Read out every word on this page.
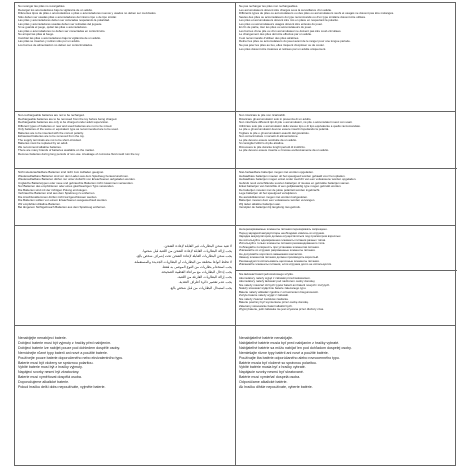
No recargar las pilas no recargables.
Recargar los acumuladores bajo la vigilancia de un adulto.
Diferentes tipos de pilas o acumuladores o pilas o acumuladores nuevos y usados no deben ser mezclados.
Sólo deben ser usadas pilas o acumuladores del mismo tipo o de tipo similar.
Las pilas y acumuladores deben ser colocadas respetando la polaridad.
Las pilas y acumuladores usadas deben ser retiradas del juguete.
Si se guarda el juego, quitar las pilas o acumuladores.
Las pilas o acumuladores no deben ser conectadas en cortocircuito.
No arrojar las pilas al fuego.
Cambiar las pilas o acumuladores bajo la vigilancia de un adulto.
Las pilas se insertan y retiran sólo por un adulto.
Los bornes de alimentación no deben ser cortocircuitados.
Ne pas recharger les piles non rechargeables.
Les accumulateurs doivent être chargés sous la surveillance d'un adulte.
Différents types de piles ou accumulateurs ou des piles ou accumulateurs neufs et usagés ne doivent pas être mélangés.
Seules des piles ou accumulateurs du type recommandé ou d'un type similaire doivent être utilisés.
Les piles et accumulateurs doivent être mis en place en respectant la polarité.
Les piles ou accumulateurs usagés doivent être enlevés du jouet.
En fin de partie, ôter les piles ou accumulateurs du jouet.
Les bornes d'une pile ou d'un accumulateur ne doivent pas être court-circuitées.
Le changement des piles doit être effectué par un adulte.
Il est recommandé d'utiliser des piles alcalines.
Retirer les piles ou accumulateurs du jouet avant de le ranger pour une longue période.
Ne pas jeter les piles au feu, elles risquent d'exploser ou de couler.
Les piles doivent être insérées et retirées par un adulte uniquement.
Non-rechargeable batteries are not to be recharged.
Rechargeable batteries are to be removed from the toy before being charged.
Rechargeable batteries are only to be charged under adult supervision.
Different types of batteries or new and used batteries are not to be mixed.
Only batteries of the same or equivalent type as recommended are to be used.
Batteries are to be inserted with the correct polarity.
Exhausted batteries are to be removed from the toy.
The supply terminals are not to be short-circuited.
Batteries must be replaced by an adult.
We recommend alkaline batteries.
There are many brands of batteries available on the market.
Remove batteries during long periods of non-use. A leakage of corrosive fluid could ruin the toy.
Nicht wiederaufladbare Batterien sind nicht zum Aufladen geeignet.
Wiederaufladbare Batterien sind vor dem Laden aus dem Spielzeug herauszunehmen.
Wiederaufladbare Batterien dürfen nur unter Aufsicht von Erwachsenen aufgeladen werden.
Ungleiche Batterietypen oder neue und gebrauchte Batterien nicht zusammen verwenden.
Nur Batterien des empfohlenen oder eines gleichwertigen Typs verwenden.
Die Batterien sind mit der richtigen Polung einzulegen.
Verbrauchte Batterien sind aus dem Spielzeug zu entfernen.
Die Anschlussklemmen dürfen nicht kurzgeschlossen werden.
Die Batterien sollten von einem Erwachsenen ausgewechselt werden.
Wir empfehlen Alkaline-Batterien.
Bei längerem Nichtgebrauch Batterien aus dem Spielzeug entfernen.
Non ricaricare le pile non ricaricabili.
Ricaricare gli accumulatori solo in presenza di un adulto.
Non mischiare differenti tipi di pile o accumulatori, né pile o accumulatori nuovi con usati.
Utilizzare solo pile o accumulatori dello stesso tipo o di tipo equivalente a quello raccomandato.
Le pile e gli accumulatori devono essere inseriti rispettando la polarità.
Togliere le pile o gli accumulatori esauriti dal giocattolo.
Non cortocircuitare i morsetti di alimentazione.
Le pile devono essere sostituite da un adulto.
Si consiglia l'utilizzo di pile alcaline.
Rimuovere le pile durante lunghi periodi di inutilizzo.
Le pile devono essere inserite e rimosse esclusivamente da un adulto.
Niet-herlaadbare batterijen mogen niet worden opgeladen.
Herlaadbare batterijen moeten uit het speelgoed worden gehaald voor het opladen.
Herlaadbare batterijen mogen enkel onder toezicht van een volwassene worden opgeladen.
Gebruik nooit verschillende soorten batterijen of nieuwe en gebruikte batterijen samen.
Enkel batterijen van hetzelfde of een gelijkwaardig type mogen gebruikt worden.
De batterijen moeten met de juiste polariteit worden ingebracht.
Lege batterijen uit het speelgoed verwijderen.
De aansluitklemmen mogen niet worden kortgesloten.
Batterijen moeten door een volwassene worden vervangen.
Wij raden alkaline batterijen aan.
Verwijder de batterijen bij langdurig niet-gebruik.
Неперезаряжаемые элементы питания перезаряжать запрещено.
Перед зарядкой аккумуляторы необходимо извлечь из игрушки.
Зарядка аккумуляторов должна осуществляться под присмотром взрослых.
Не используйте одновременно элементы питания разных типов.
Используйте только элементы питания рекомендованного типа.
Соблюдайте полярность при установке элементов питания.
Извлекайте из игрушки разряженные элементы питания.
Не допускайте короткого замыкания контактов.
Замену элементов питания должен производить взрослый.
Рекомендуется использовать щелочные элементы питания.
Извлекайте элементы питания, если игрушка долго не используется.
لا تعيد شحن البطاريات غير القابلة لإعادة الشحن.
يجب إزالة البطاريات القابلة لإعادة الشحن من اللعبة قبل شحنها.
يجب شحن البطاريات القابلة لإعادة الشحن تحت إشراف شخص بالغ.
لا تخلط أنواعا مختلفة من البطاريات أو البطاريات الجديدة والمستعملة.
يجب استخدام بطاريات من النوع الموصى به فقط.
يجب إدخال البطاريات مع مراعاة القطبية الصحيحة.
يجب إزالة البطاريات الفارغة من اللعبة.
يجب عدم تقصير دائرة أطراف التغذية.
يجب استبدال البطاريات من قبل شخص بالغ.
Nie ładować baterii jednorazowego użytku.
Akumulatory należy wyjąć z zabawki przed ładowaniem.
Akumulatory należy ładować pod nadzorem osoby dorosłej.
Nie należy mieszać różnych typów baterii ani baterii nowych i zużytych.
Należy stosować wyłącznie baterie zalecanego typu.
Baterie należy wkładać zgodnie z oznaczeniem biegunowości.
Zużyte baterie należy wyjąć z zabawki.
Nie należy zwierać zacisków zasilania.
Baterie powinny być wymieniane przez osobę dorosłą.
Zalecamy stosowanie baterii alkalicznych.
Wyjmij baterie, jeśli zabawka nie jest używana przez dłuższy czas.
Nenabíjejte nenabíjecí baterie.
Dobíjecí baterie musí být vyjmuty z hračky před nabíjením.
Dobíjecí baterie lze nabíjet pouze pod dohledem dospělé osoby.
Nemíchejte různé typy baterií ani nové a použité baterie.
Používejte pouze baterie doporučeného nebo ekvivalentního typu.
Baterie musí být vloženy se správnou polaritou.
Vybité baterie musí být z hračky vyjmuty.
Napájecí svorky nesmí být zkratovány.
Baterie musí vyměňovat dospělá osoba.
Doporučujeme alkalické baterie.
Pokud hračku delší dobu nepoužíváte, vyjměte baterie.
Nenabíjateľné batérie nenabíjajte.
Nabíjateľné batérie musia byť pred nabíjaním z hračky vybraté.
Nabíjateľné batérie sa môžu nabíjať len pod dohľadom dospelej osoby.
Nemiešajte rôzne typy batérií ani nové a použité batérie.
Používajte iba batérie odporúčaného alebo rovnocenného typu.
Batérie musia byť vložené so správnou polaritou.
Vybité batérie musia byť z hračky vybraté.
Napájacie svorky nesmú byť skratované.
Batérie musí vymieňať dospelá osoba.
Odporúčame alkalické batérie.
Ak hračku dlhšie nepoužívate, vyberte batérie.
